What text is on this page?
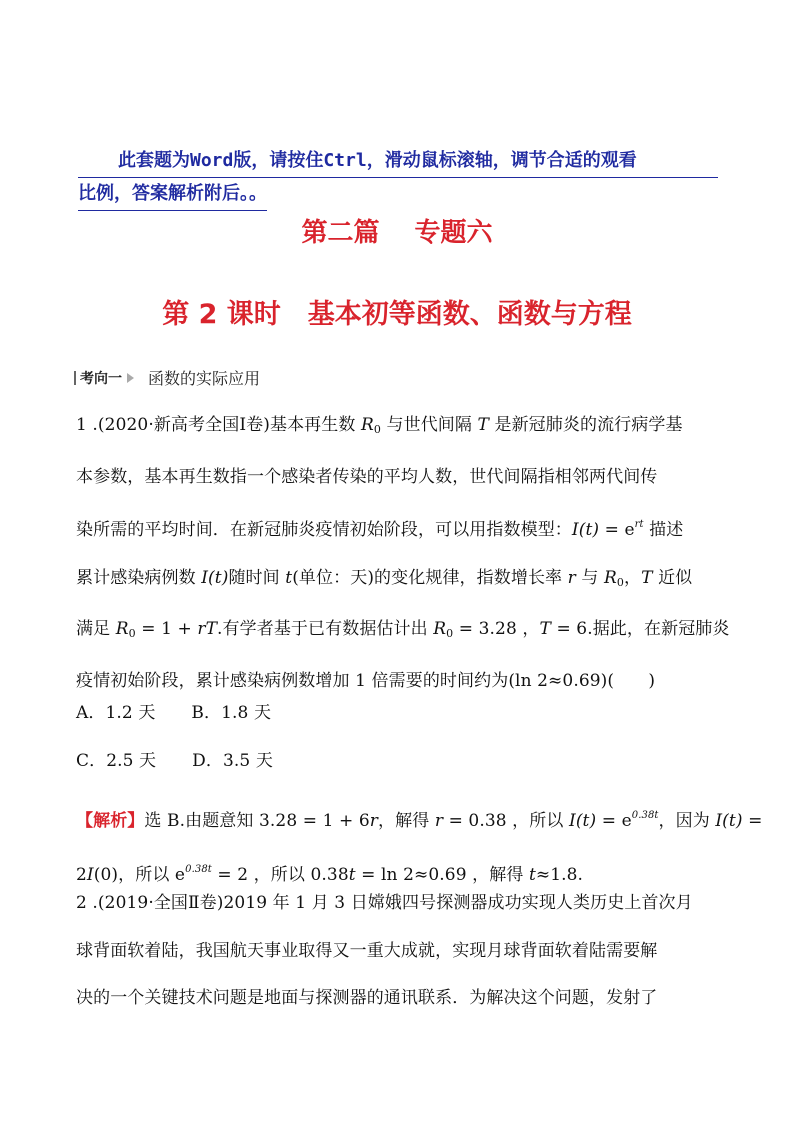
此套题为Word版，请按住Ctrl，滑动鼠标滚轴，调节合适的观看
比例，答案解析附后。。
第二篇　 专题六
第 2 课时　基本初等函数、函数与方程
考向一 函数的实际应用
1 .(2020·新高考全国Ⅰ卷)基本再生数 $R_0$ 与世代间隔 T 是新冠肺炎的流行病学基
本参数，基本再生数指一个感染者传染的平均人数，世代间隔指相邻两代间传
染所需的平均时间．在新冠肺炎疫情初始阶段，可以用指数模型：$I(t) = e^{rt}$ 描述
累计感染病例数 I(t)随时间 t(单位：天)的变化规律，指数增长率 r 与 $R_0$，T 近似
满足 $R_0 = 1$ + rT.有学者基于已有数据估计出 $R_0 = 3.28$ ，T = 6.据此，在新冠肺炎
疫情初始阶段，累计感染病例数增加 1 倍需要的时间约为(ln 2≈0.69)(　　)
A．1.2 天 B．1.8 天
C．2.5 天 D．3.5 天
【解析】选 B.由题意知 3.28 = 1 + 6r，解得 r = 0.38 ，所以 $I(t) = e^{0.38t}$，因为 I(t) =
2I(0)，所以 $e^{0.38t} = 2$ ，所以 0.38t = ln 2≈0.69 ，解得 t≈1.8.
2 .(2019·全国Ⅱ卷)2019 年 1 月 3 日嫦娥四号探测器成功实现人类历史上首次月
球背面软着陆，我国航天事业取得又一重大成就，实现月球背面软着陆需要解
决的一个关键技术问题是地面与探测器的通讯联系．为解决这个问题，发射了
